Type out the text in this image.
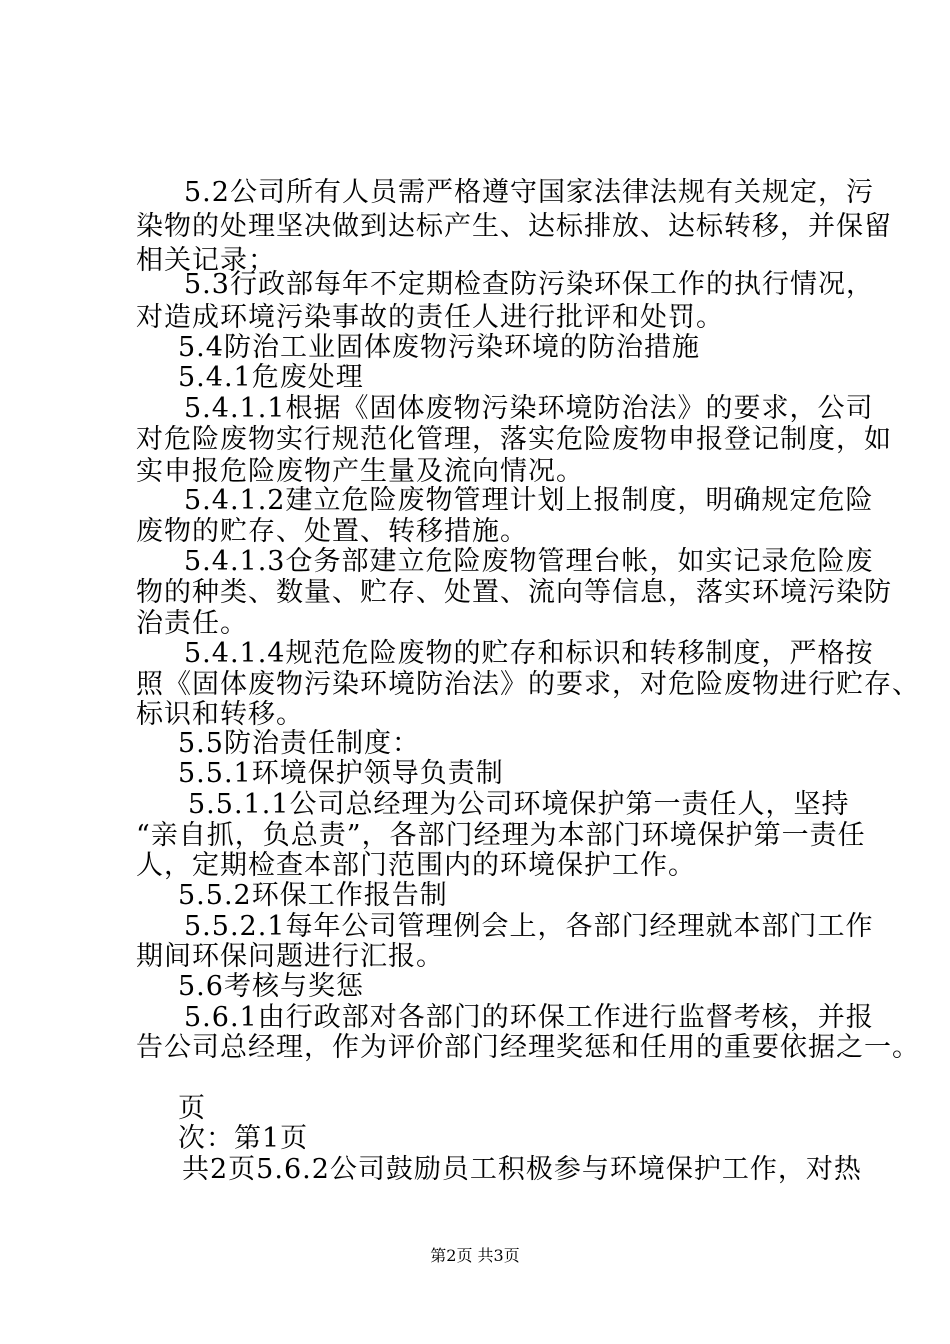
5.2公司所有人员需严格遵守国家法律法规有关规定，污
染物的处理坚决做到达标产生、达标排放、达标转移，并保留
相关记录；
5.3行政部每年不定期检查防污染环保工作的执行情况，
对造成环境污染事故的责任人进行批评和处罚。
5.4防治工业固体废物污染环境的防治措施
5.4.1危废处理
5.4.1.1根据《固体废物污染环境防治法》的要求，公司
对危险废物实行规范化管理，落实危险废物申报登记制度，如
实申报危险废物产生量及流向情况。
5.4.1.2建立危险废物管理计划上报制度，明确规定危险
废物的贮存、处置、转移措施。
5.4.1.3仓务部建立危险废物管理台帐，如实记录危险废
物的种类、数量、贮存、处置、流向等信息，落实环境污染防
治责任。
5.4.1.4规范危险废物的贮存和标识和转移制度，严格按
照《固体废物污染环境防治法》的要求，对危险废物进行贮存、
标识和转移。
5.5防治责任制度：
5.5.1环境保护领导负责制
5.5.1.1公司总经理为公司环境保护第一责任人，坚持
“亲自抓，负总责”，各部门经理为本部门环境保护第一责任
人，定期检查本部门范围内的环境保护工作。
5.5.2环保工作报告制
5.5.2.1每年公司管理例会上，各部门经理就本部门工作
期间环保问题进行汇报。
5.6考核与奖惩
5.6.1由行政部对各部门的环保工作进行监督考核，并报
告公司总经理，作为评价部门经理奖惩和任用的重要依据之一。
页
次：第1页
共2页5.6.2公司鼓励员工积极参与环境保护工作，对热
第2页 共3页
